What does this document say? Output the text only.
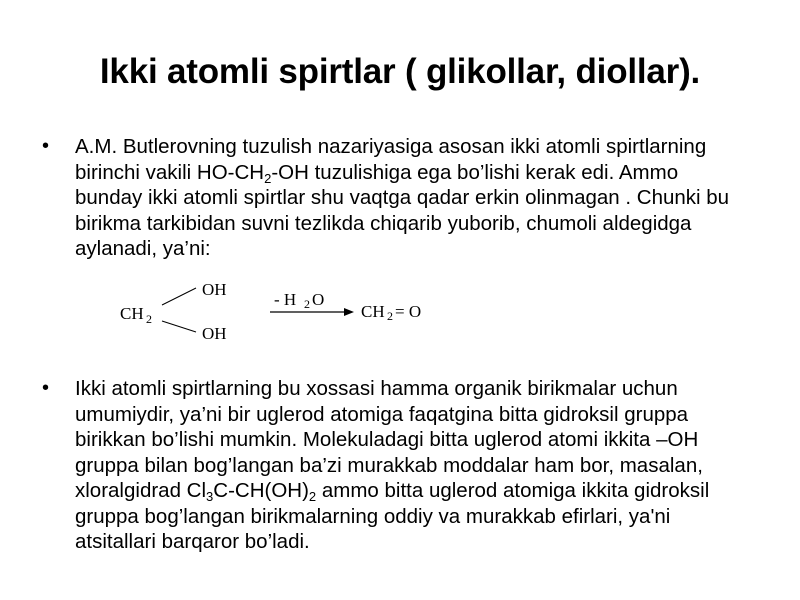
Ikki atomli spirtlar ( glikollar, diollar).
• A.M. Butlerovning tuzulish nazariyasiga asosan ikki atomli spirtlarning birinchi vakili $HO-CH_2-OH$ tuzulishiga ega bo’lishi kerak edi. Ammo bunday ikki atomli spirtlar shu vaqtga qadar erkin olinmagan . Chunki bu birikma tarkibidan suvni tezlikda chiqarib yuborib, chumoli aldegidga aylanadi, ya’ni:
CH 2
OH
OH
- H 2 O
CH 2 = O
• Ikki atomli spirtlarning bu xossasi hamma organik birikmalar uchun umumiydir, ya’ni bir uglerod atomiga faqatgina bitta gidroksil gruppa birikkan bo’lishi mumkin. Molekuladagi bitta uglerod atomi ikkita –OH gruppa bilan bog’langan ba’zi murakkab moddalar ham bor, masalan, xloralgidrad $Cl_3C-CH(OH)_2$ ammo bitta uglerod atomiga ikkita gidroksil gruppa bog’langan birikmalarning oddiy va murakkab efirlari, ya'ni atsitallari barqaror bo’ladi.
